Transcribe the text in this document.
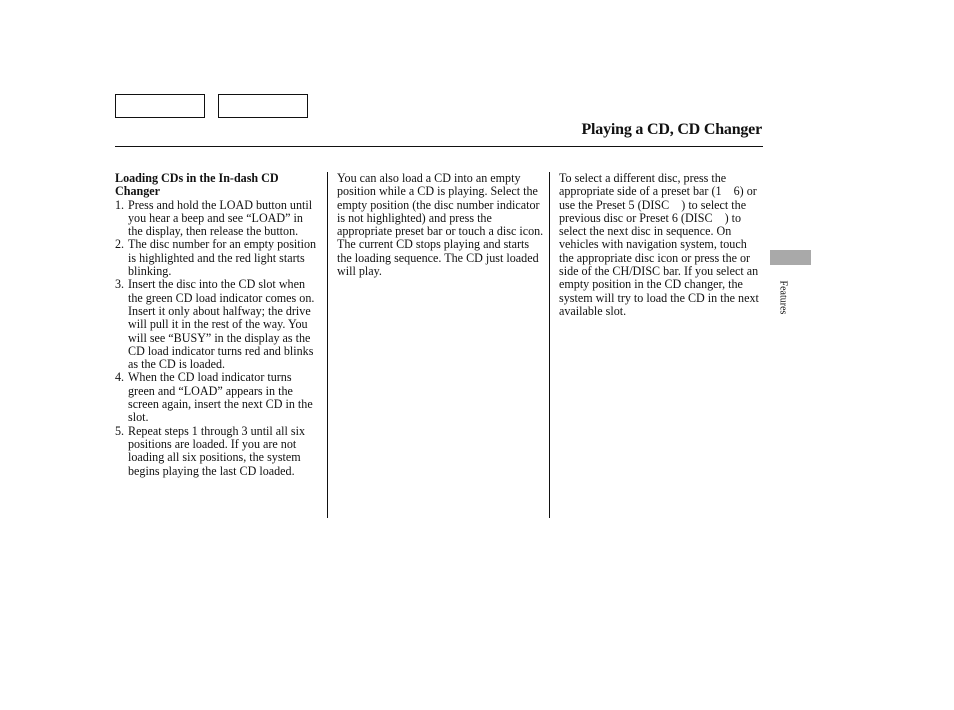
Playing a CD, CD Changer

Loading CDs in the In-dash CD Changer

1. Press and hold the LOAD button until you hear a beep and see “LOAD” in the display, then release the button.
2. The disc number for an empty position is highlighted and the red light starts blinking.
3. Insert the disc into the CD slot when the green CD load indicator comes on. Insert it only about halfway; the drive will pull it in the rest of the way. You will see “BUSY” in the display as the CD load indicator turns red and blinks as the CD is loaded.
4. When the CD load indicator turns green and “LOAD” appears in the screen again, insert the next CD in the slot.
5. Repeat steps 1 through 3 until all six positions are loaded. If you are not loading all six positions, the system begins playing the last CD loaded.

You can also load a CD into an empty position while a CD is playing. Select the empty position (the disc number indicator is not highlighted) and press the appropriate preset bar or touch a disc icon. The current CD stops playing and starts the loading sequence. The CD just loaded will play.

To select a different disc, press the appropriate side of a preset bar (1    6) or use the Preset 5 (DISC    ) to select the previous disc or Preset 6 (DISC    ) to select the next disc in sequence. On vehicles with navigation system, touch the appropriate disc icon or press the or    side of the CH/DISC bar. If you select an empty position in the CD changer, the system will try to load the CD in the next available slot.	Features
